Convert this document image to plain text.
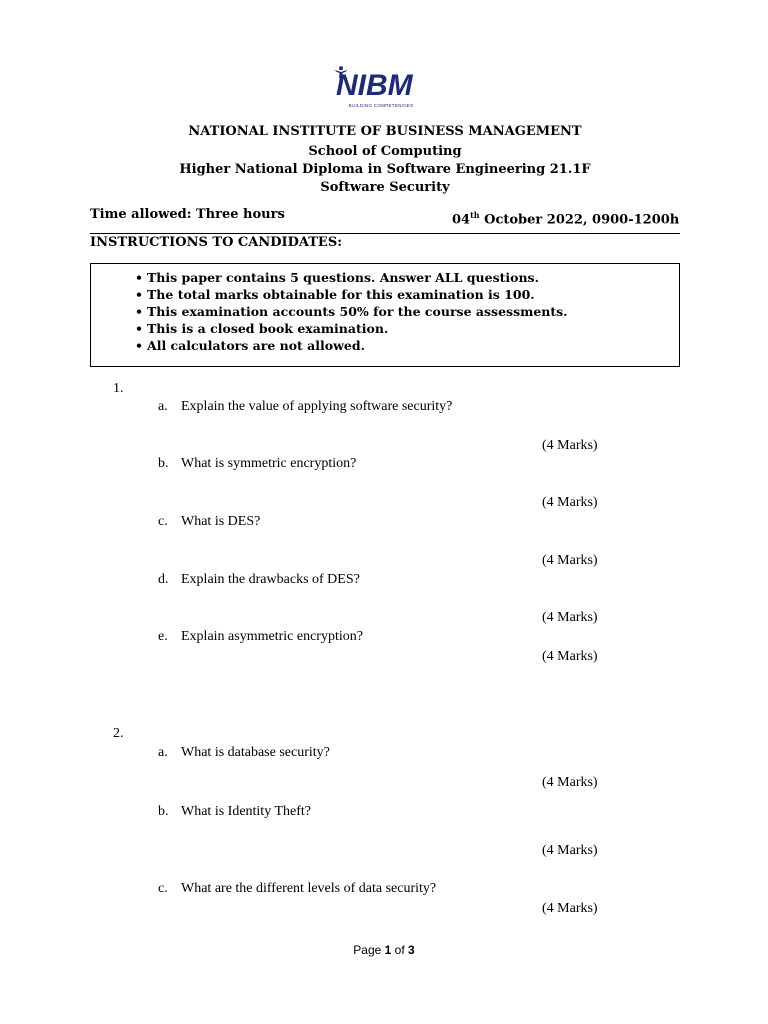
NIBM
BUILDING COMPETENCIES
NATIONAL INSTITUTE OF BUSINESS MANAGEMENT
School of Computing
Higher National Diploma in Software Engineering 21.1F
Software Security
Time allowed: Three hours	04th October 2022, 0900-1200h
INSTRUCTIONS TO CANDIDATES:
• This paper contains 5 questions. Answer ALL questions.
• The total marks obtainable for this examination is 100.
• This examination accounts 50% for the course assessments.
• This is a closed book examination.
• All calculators are not allowed.
1.
a. Explain the value of applying software security?
(4 Marks)
b. What is symmetric encryption?
(4 Marks)
c. What is DES?
(4 Marks)
d. Explain the drawbacks of DES?
(4 Marks)
e. Explain asymmetric encryption?
(4 Marks)
2.
a. What is database security?
(4 Marks)
b. What is Identity Theft?
(4 Marks)
c. What are the different levels of data security?
(4 Marks)
Page 1 of 3
